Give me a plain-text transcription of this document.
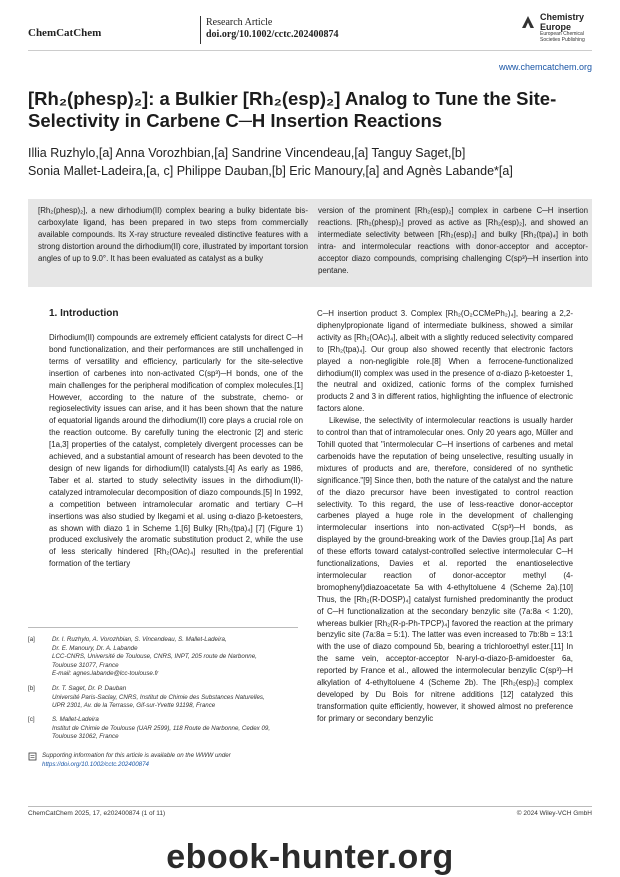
ChemCatChem
Research Article
doi.org/10.1002/cctc.202400874
Chemistry
Europe
European Chemical
Societies Publishing
www.chemcatchem.org
[Rh₂(phesp)₂]: a Bulkier [Rh₂(esp)₂] Analog to Tune the Site-Selectivity in Carbene C─H Insertion Reactions
Illia Ruzhylo,[a] Anna Vorozhbian,[a] Sandrine Vincendeau,[a] Tanguy Saget,[b]
Sonia Mallet-Ladeira,[a, c] Philippe Dauban,[b] Eric Manoury,[a] and Agnès Labande*[a]
[Rh₂(phesp)₂], a new dirhodium(II) complex bearing a bulky bidentate bis-carboxylate ligand, has been prepared in two steps from commercially available compounds. Its X-ray structure revealed distinctive features with a strong distortion around the dirhodium(II) core, illustrated by important torsion angles of up to 9.0°. It has been evaluated as catalyst as a bulky
version of the prominent [Rh₂(esp)₂] complex in carbene C─H insertion reactions. [Rh₂(phesp)₂] proved as active as [Rh₂(esp)₂], and showed an intermediate selectivity between [Rh₂(esp)₂] and bulky [Rh₂(tpa)₄] in both intra- and intermolecular reactions with donor-acceptor and acceptor-acceptor diazo compounds, comprising challenging C(sp³)─H insertion into pentane.
1. Introduction

Dirhodium(II) compounds are extremely efficient catalysts for direct C─H bond functionalization, and their performances are still unchallenged in terms of versatility and efficiency, particularly for the site-selective insertion of carbenes into non-activated C(sp³)─H bonds, one of the main challenges for the peripheral modification of complex molecules.[1] However, according to the nature of the substrate, chemo- or regioselectivity issues can arise, and it has been shown that the nature of equatorial ligands around the dirhodium(II) core plays a crucial role on the reaction outcome. By carefully tuning the electronic [2] and steric [1a,3] properties of the catalyst, completely divergent processes can be achieved, and a substantial amount of research has been devoted to the design of new ligands for dirhodium(II) catalysts.[4] As early as 1986, Taber et al. started to study selectivity issues in the dirhodium(II)-catalyzed intramolecular decomposition of diazo compounds.[5] In 1992, a competition between intramolecular aromatic and tertiary C─H insertions was also studied by Ikegami et al. using α-diazo β-ketoesters, as shown with diazo 1 in Scheme 1.[6] Bulky [Rh₂(tpa)₄] [7] (Figure 1) produced exclusively the aromatic substitution product 2, while the use of less sterically hindered [Rh₂(OAc)₄] resulted in the preferential formation of the tertiary

C─H insertion product 3. Complex [Rh₂(O₂CCMePh₂)₄], bearing a 2,2-diphenylpropionate ligand of intermediate bulkiness, showed a similar activity as [Rh₂(OAc)₄], albeit with a slightly reduced selectivity compared to [Rh₂(tpa)₄]. Our group also showed recently that electronic factors played a non-negligible role.[8] When a ferrocene-functionalized dirhodium(II) complex was used in the presence of α-diazo β-ketoester 1, the neutral and oxidized, cationic forms of the complex furnished products 2 and 3 in different ratios, highlighting the influence of electronic factors alone.

Likewise, the selectivity of intermolecular reactions is usually harder to control than that of intramolecular ones. Only 20 years ago, Müller and Tohill quoted that "intermolecular C─H insertions of carbenes and metal carbenoids have the reputation of being unselective, resulting usually in mixtures of products and are, therefore, considered of no synthetic significance."[9] Since then, both the nature of the catalyst and the nature of the diazo precursor have been investigated to control reaction selectivity. To this regard, the use of less-reactive donor-acceptor carbenes played a huge role in the development of challenging intermolecular insertions into non-activated C(sp³)─H bonds, as displayed by the ground-breaking work of the Davies group.[1a] As part of these efforts toward catalyst-controlled selective intermolecular C─H functionalizations, Davies et al. reported the enantioselective intermolecular reaction of donor-acceptor methyl (4-bromophenyl)diazoacetate 5a with 4-ethyltoluene 4 (Scheme 2a).[10] Thus, the [Rh₂(R-DOSP)₄] catalyst furnished predominantly the product of C─H functionalization at the secondary benzylic site (7a:8a < 1:20), whereas bulkier [Rh₂(R-p-Ph-TPCP)₄] favored the reaction at the primary benzylic site (7a:8a = 5:1). The latter was even increased to 7b:8b = 13:1 with the use of diazo compound 5b, bearing a trichloroethyl ester.[11] In the same vein, acceptor-acceptor N-aryl-α-diazo-β-amidoester 6a, reported by France et al., allowed the intermolecular benzylic C(sp³)─H alkylation of 4-ethyltoluene 4 (Scheme 2b). The [Rh₂(esp)₂] complex developed by Du Bois for nitrene additions [12] catalyzed this transformation quite efficiently, however, it showed almost no preference for primary or secondary benzylic

[a]	Dr. I. Ruzhylo, A. Vorozhbian, S. Vincendeau, S. Mallet-Ladeira,
Dr. E. Manoury, Dr. A. Labande
LCC-CNRS, Université de Toulouse, CNRS, INPT, 205 route de Narbonne,
Toulouse 31077, France
E-mail: agnes.labande@lcc-toulouse.fr
[b]	Dr. T. Saget, Dr. P. Dauban
Université Paris-Saclay, CNRS, Institut de Chimie des Substances Naturelles,
UPR 2301, Av. de la Terrasse, Gif-sur-Yvette 91198, France
[c]	S. Mallet-Ladeira
Institut de Chimie de Toulouse (UAR 2599), 118 Route de Narbonne, Cedex 09,
Toulouse 31062, France
Supporting information for this article is available on the WWW under
https://doi.org/10.1002/cctc.202400874
ChemCatChem 2025, 17, e202400874 (1 of 11)	© 2024 Wiley-VCH GmbH
ebook-hunter.org
